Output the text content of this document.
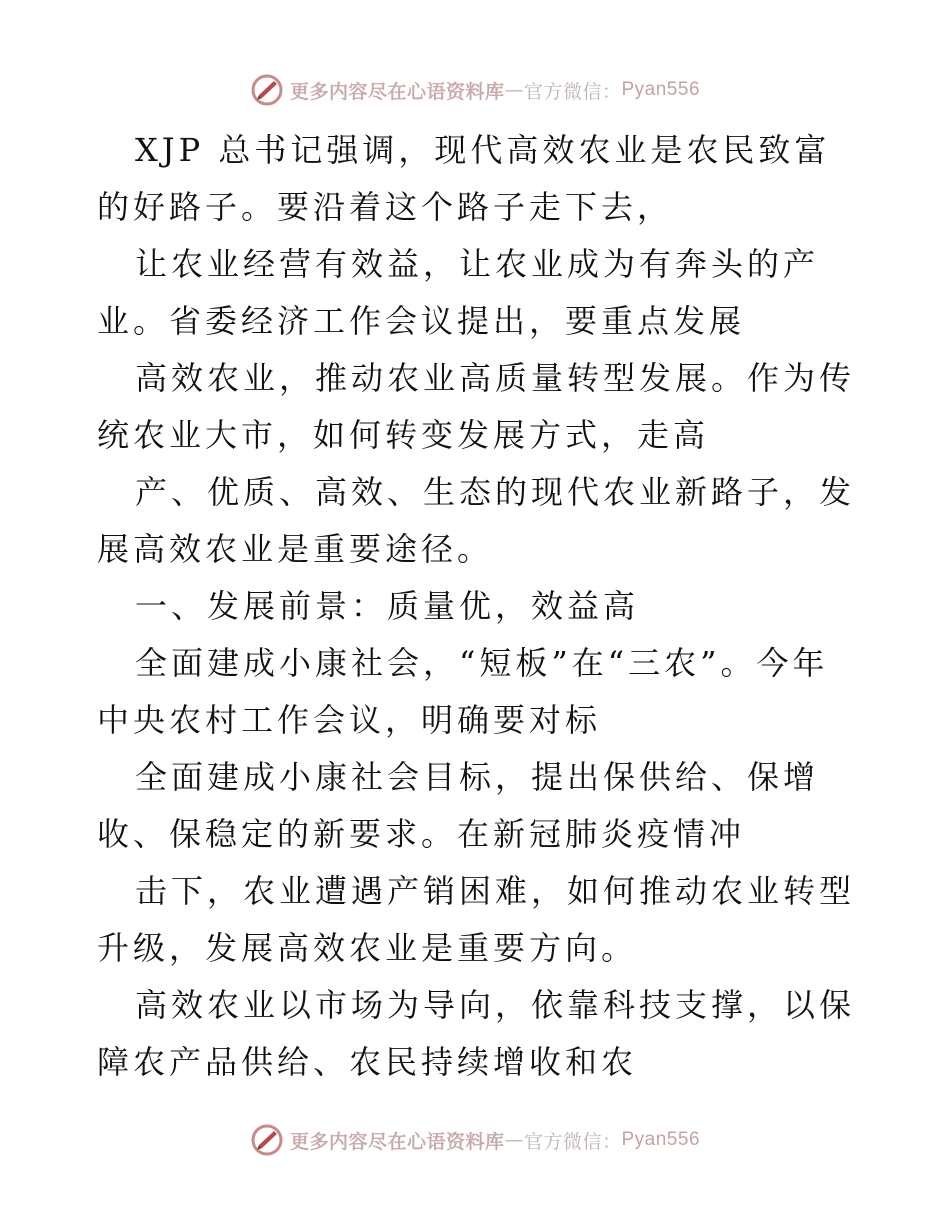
更多内容尽在心语资料库 — 官方微信： Pyan556

XJP 总书记强调，现代高效农业是农民致富的好路子。要沿着这个路子走下去，

让农业经营有效益，让农业成为有奔头的产业。省委经济工作会议提出，要重点发展

高效农业，推动农业高质量转型发展。作为传统农业大市，如何转变发展方式，走高

产、优质、高效、生态的现代农业新路子，发展高效农业是重要途径。

一、发展前景：质量优，效益高

全面建成小康社会，“短板”在“三农”。今年中央农村工作会议，明确要对标

全面建成小康社会目标，提出保供给、保增收、保稳定的新要求。在新冠肺炎疫情冲

击下，农业遭遇产销困难，如何推动农业转型升级，发展高效农业是重要方向。

高效农业以市场为导向，依靠科技支撑，以保障农产品供给、农民持续增收和农

更多内容尽在心语资料库 — 官方微信： Pyan556
